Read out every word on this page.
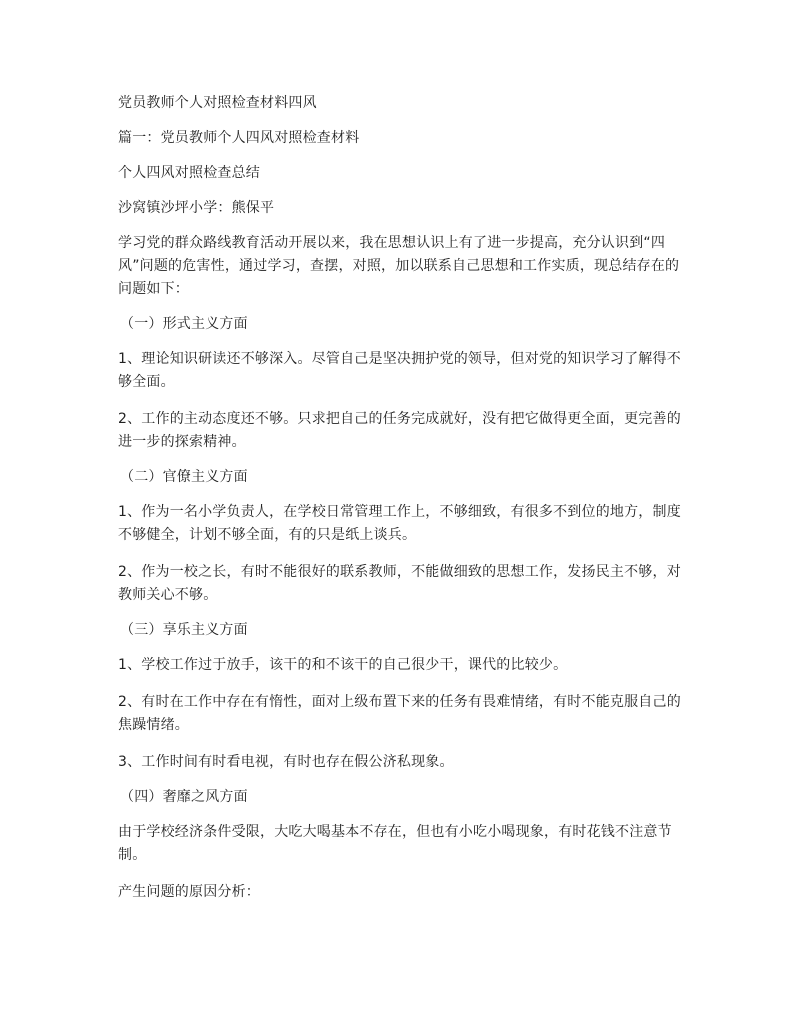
党员教师个人对照检查材料四风

篇一：党员教师个人四风对照检查材料

个人四风对照检查总结

沙窝镇沙坪小学：熊保平

学习党的群众路线教育活动开展以来，我在思想认识上有了进一步提高，充分认识到“四风”问题的危害性，通过学习，查摆，对照，加以联系自己思想和工作实质，现总结存在的问题如下：

（一）形式主义方面

1、理论知识研读还不够深入。尽管自己是坚决拥护党的领导，但对党的知识学习了解得不够全面。

2、工作的主动态度还不够。只求把自己的任务完成就好，没有把它做得更全面，更完善的进一步的探索精神。

（二）官僚主义方面

1、作为一名小学负责人，在学校日常管理工作上，不够细致，有很多不到位的地方，制度不够健全，计划不够全面，有的只是纸上谈兵。

2、作为一校之长，有时不能很好的联系教师，不能做细致的思想工作，发扬民主不够，对教师关心不够。

（三）享乐主义方面

1、学校工作过于放手，该干的和不该干的自己很少干，课代的比较少。

2、有时在工作中存在有惰性，面对上级布置下来的任务有畏难情绪，有时不能克服自己的焦躁情绪。

3、工作时间有时看电视，有时也存在假公济私现象。

（四）奢靡之风方面

由于学校经济条件受限，大吃大喝基本不存在，但也有小吃小喝现象，有时花钱不注意节制。

产生问题的原因分析：
